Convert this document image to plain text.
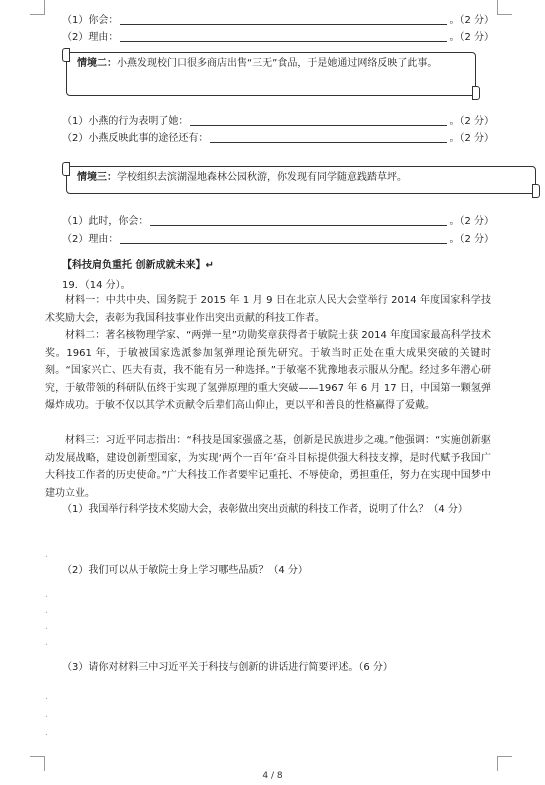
（1）你会：	。（2 分）
（2）理由：	。（2 分）
情境二：小燕发现校门口很多商店出售“三无”食品，于是她通过网络反映了此事。
（1）小燕的行为表明了她：	。（2 分）
（2）小燕反映此事的途径还有：	。（2 分）
情境三：学校组织去滨湖湿地森林公园秋游，你发现有同学随意践踏草坪。
（1）此时，你会：	。（2 分）
（2）理由：	。（2 分）
【科技肩负重托 创新成就未来】↵
19．（14 分）。
材料一：中共中央、国务院于 2015 年 1 月 9 日在北京人民大会堂举行 2014 年度国家科学技术奖励大会，表彰为我国科技事业作出突出贡献的科技工作者。
材料二：著名核物理学家、“两弹一星”功勋奖章获得者于敏院士获 2014 年度国家最高科学技术奖。1961 年，于敏被国家选派参加氢弹理论预先研究。于敏当时正处在重大成果突破的关键时刻。“国家兴亡、匹夫有责，我不能有另一种选择。”于敏毫不犹豫地表示服从分配。经过多年潜心研究，于敏带领的科研队伍终于实现了氢弹原理的重大突破——1967 年 6 月 17 日，中国第一颗氢弹爆炸成功。于敏不仅以其学术贡献令后辈们高山仰止，更以平和善良的性格赢得了爱戴。
材料三：习近平同志指出：“科技是国家强盛之基，创新是民族进步之魂。”他强调：“实施创新驱动发展战略，建设创新型国家，为实现‘两个一百年’奋斗目标提供强大科技支撑，是时代赋予我国广大科技工作者的历史使命。”广大科技工作者要牢记重托、不辱使命，勇担重任，努力在实现中国梦中建功立业。
（1）我国举行科学技术奖励大会，表彰做出突出贡献的科技工作者，说明了什么？（4 分）
.
（2）我们可以从于敏院士身上学习哪些品质？（4 分）
.
.
.
.
（3）请你对材料三中习近平关于科技与创新的讲话进行简要评述。（6 分）
.
.
.
4 / 8
